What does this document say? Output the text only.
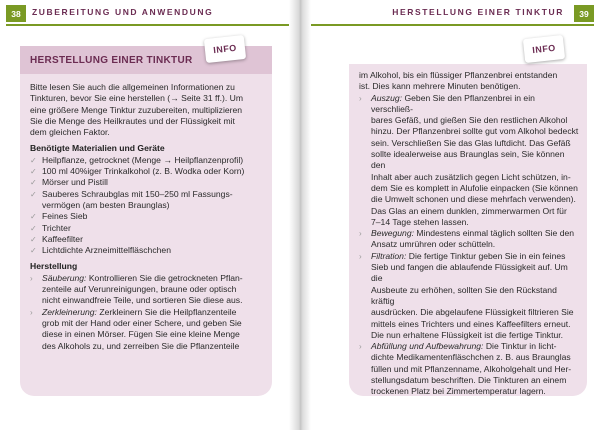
38	ZUBEREITUNG UND ANWENDUNG
HERSTELLUNG EINER TINKTUR
Bitte lesen Sie auch die allgemeinen Informationen zu
Tinkturen, bevor Sie eine herstellen (→ Seite 31 ff.). Um
eine größere Menge Tinktur zuzubereiten, multiplizieren
Sie die Menge des Heilkrautes und der Flüssigkeit mit
dem gleichen Faktor.
Benötigte Materialien und Geräte
✓ Heilpflanze, getrocknet (Menge → Heilpflanzenprofil)
✓ 100 ml 40%iger Trinkalkohol (z. B. Wodka oder Korn)
✓ Mörser und Pistill
✓ Sauberes Schraubglas mit 150–250 ml Fassungs-
vermögen (am besten Braunglas)
✓ Feines Sieb
✓ Trichter
✓ Kaffeefilter
✓ Lichtdichte Arzneimittelfläschchen
Herstellung
› Säuberung: Kontrollieren Sie die getrockneten Pflan-
zenteile auf Verunreinigungen, braune oder optisch
nicht einwandfreie Teile, und sortieren Sie diese aus.
› Zerkleinerung: Zerkleinern Sie die Heilpflanzenteile
grob mit der Hand oder einer Schere, und geben Sie
diese in einen Mörser. Fügen Sie eine kleine Menge
des Alkohols zu, und zerreiben Sie die Pflanzenteile
INFO
39
HERSTELLUNG EINER TINKTUR
im Alkohol, bis ein flüssiger Pflanzenbrei entstanden
ist. Dies kann mehrere Minuten benötigen.
› Auszug: Geben Sie den Pflanzenbrei in ein verschließ-
bares Gefäß, und gießen Sie den restlichen Alkohol
hinzu. Der Pflanzenbrei sollte gut vom Alkohol bedeckt
sein. Verschließen Sie das Glas luftdicht. Das Gefäß
sollte idealerweise aus Braunglas sein, Sie können den
Inhalt aber auch zusätzlich gegen Licht schützen, in-
dem Sie es komplett in Alufolie einpacken (Sie können
die Umwelt schonen und diese mehrfach verwenden).
Das Glas an einem dunklen, zimmerwarmen Ort für
7–14 Tage stehen lassen.
› Bewegung: Mindestens einmal täglich sollten Sie den
Ansatz umrühren oder schütteln.
› Filtration: Die fertige Tinktur geben Sie in ein feines
Sieb und fangen die ablaufende Flüssigkeit auf. Um die
Ausbeute zu erhöhen, sollten Sie den Rückstand kräftig
ausdrücken. Die abgelaufene Flüssigkeit filtrieren Sie
mittels eines Trichters und eines Kaffeefilters erneut.
Die nun erhaltene Flüssigkeit ist die fertige Tinktur.
› Abfüllung und Aufbewahrung: Die Tinktur in licht-
dichte Medikamentenfläschchen z. B. aus Braunglas
füllen und mit Pflanzenname, Alkoholgehalt und Her-
stellungsdatum beschriften. Die Tinkturen an einem
trockenen Platz bei Zimmertemperatur lagern.
INFO
